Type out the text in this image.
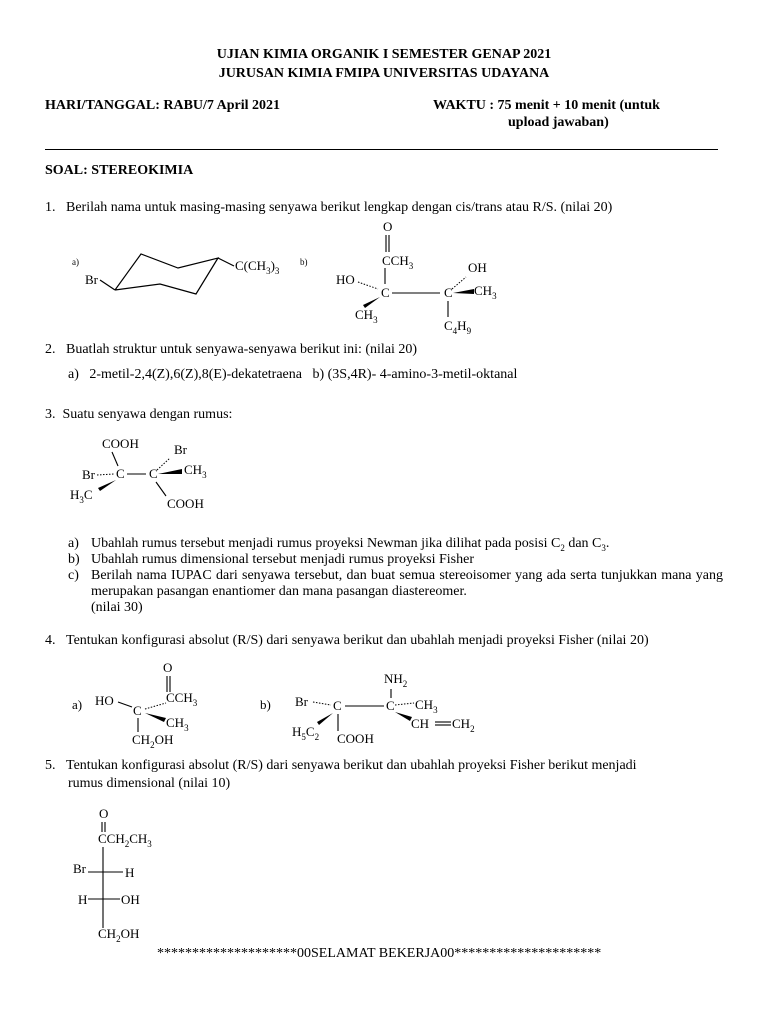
UJIAN KIMIA ORGANIK I SEMESTER GENAP 2021
JURUSAN KIMIA FMIPA UNIVERSITAS UDAYANA
HARI/TANGGAL: RABU/7 April 2021	WAKTU : 75 menit + 10 menit (untuk
upload jawaban)
SOAL: STEREOKIMIA
1.   Berilah nama untuk masing-masing senyawa berikut lengkap dengan cis/trans atau R/S. (nilai 20)
a)
Br
$C(CH_3)_3$
b)
O
$CCH_3$
HO
C
$CH_3$
C
OH
$CH_3$
$C_4H_9$
2.   Buatlah struktur untuk senyawa-senyawa berikut ini: (nilai 20)
a)   2-metil-2,4(Z),6(Z),8(E)-dekatetraena   b) (3S,4R)- 4-amino-3-metil-oktanal
3.  Suatu senyawa dengan rumus:
COOH	Br
Br C
$H_3C$
C $CH_3$
COOH
a) Ubahlah rumus tersebut menjadi rumus proyeksi Newman jika dilihat pada posisi $C_2$ dan $C_3$.
b) Ubahlah rumus dimensional tersebut menjadi rumus proyeksi Fisher
c) Berilah nama IUPAC dari senyawa tersebut, dan buat semua stereoisomer yang ada serta tunjukkan mana yang
merupakan pasangan enantiomer dan mana pasangan diastereomer.
(nilai 30)
4.   Tentukan konfigurasi absolut (R/S) dari senyawa berikut dan ubahlah menjadi proyeksi Fisher (nilai 20)
a)
O
$CCH_3$
HO
C
$CH_3$
$CH_2OH$
b)
$NH_2$
Br C
$H_5C_2$ COOH
C $CH_3$
CH $CH_2$
5.   Tentukan konfigurasi absolut (R/S) dari senyawa berikut dan ubahlah proyeksi Fisher berikut menjadi
rumus dimensional (nilai 10)
O
$CCH_2CH_3$
Br	H
H	OH
$CH_2OH$
********************00SELAMAT BEKERJA00*********************
